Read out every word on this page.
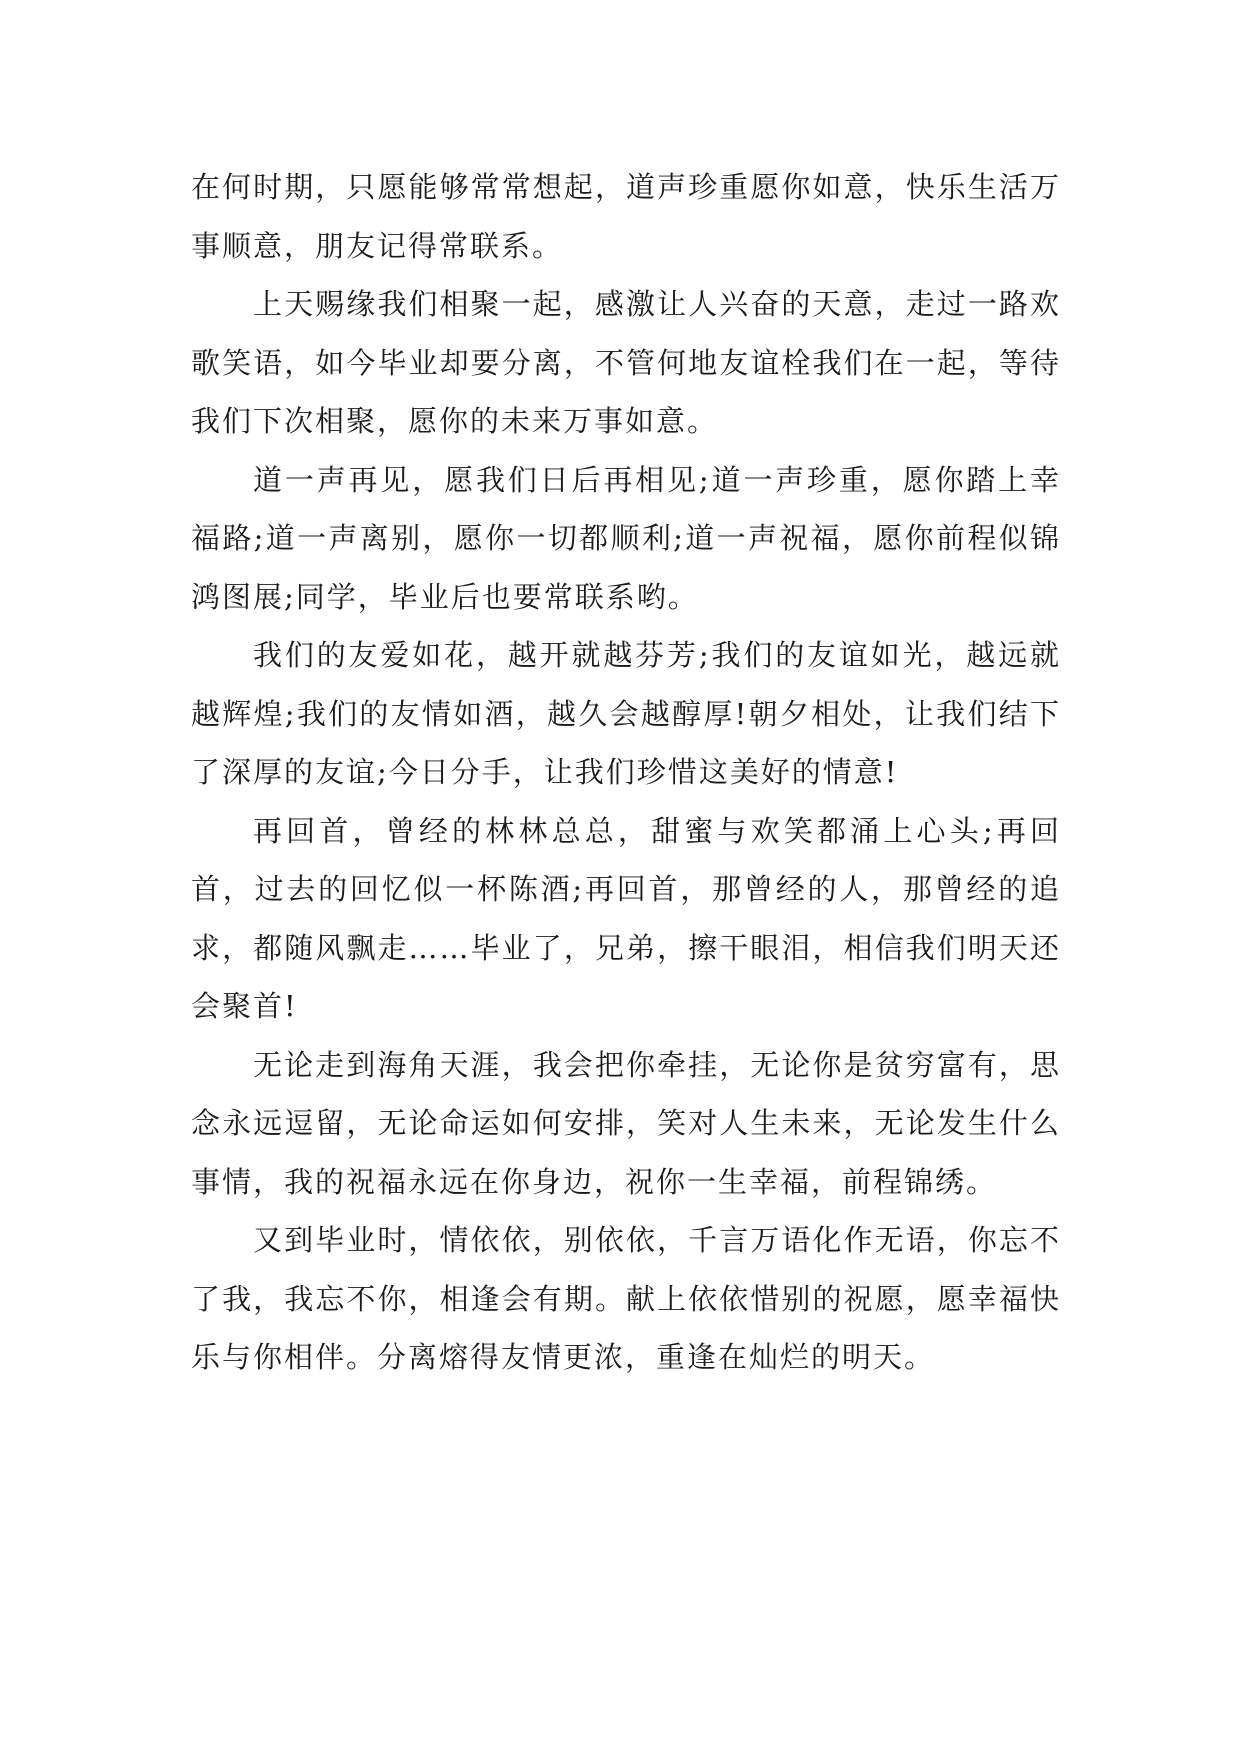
在何时期，只愿能够常常想起，道声珍重愿你如意，快乐生活万事顺意，朋友记得常联系。

上天赐缘我们相聚一起，感激让人兴奋的天意，走过一路欢歌笑语，如今毕业却要分离，不管何地友谊栓我们在一起，等待我们下次相聚，愿你的未来万事如意。

道一声再见，愿我们日后再相见;道一声珍重，愿你踏上幸福路;道一声离别，愿你一切都顺利;道一声祝福，愿你前程似锦鸿图展;同学，毕业后也要常联系哟。

我们的友爱如花，越开就越芬芳;我们的友谊如光，越远就越辉煌;我们的友情如酒，越久会越醇厚!朝夕相处，让我们结下了深厚的友谊;今日分手，让我们珍惜这美好的情意!

再回首，曾经的林林总总，甜蜜与欢笑都涌上心头;再回首，过去的回忆似一杯陈酒;再回首，那曾经的人，那曾经的追求，都随风飘走……毕业了，兄弟，擦干眼泪，相信我们明天还会聚首!

无论走到海角天涯，我会把你牵挂，无论你是贫穷富有，思念永远逗留，无论命运如何安排，笑对人生未来，无论发生什么事情，我的祝福永远在你身边，祝你一生幸福，前程锦绣。

又到毕业时，情依依，别依依，千言万语化作无语，你忘不了我，我忘不你，相逢会有期。献上依依惜别的祝愿，愿幸福快乐与你相伴。分离熔得友情更浓，重逢在灿烂的明天。
